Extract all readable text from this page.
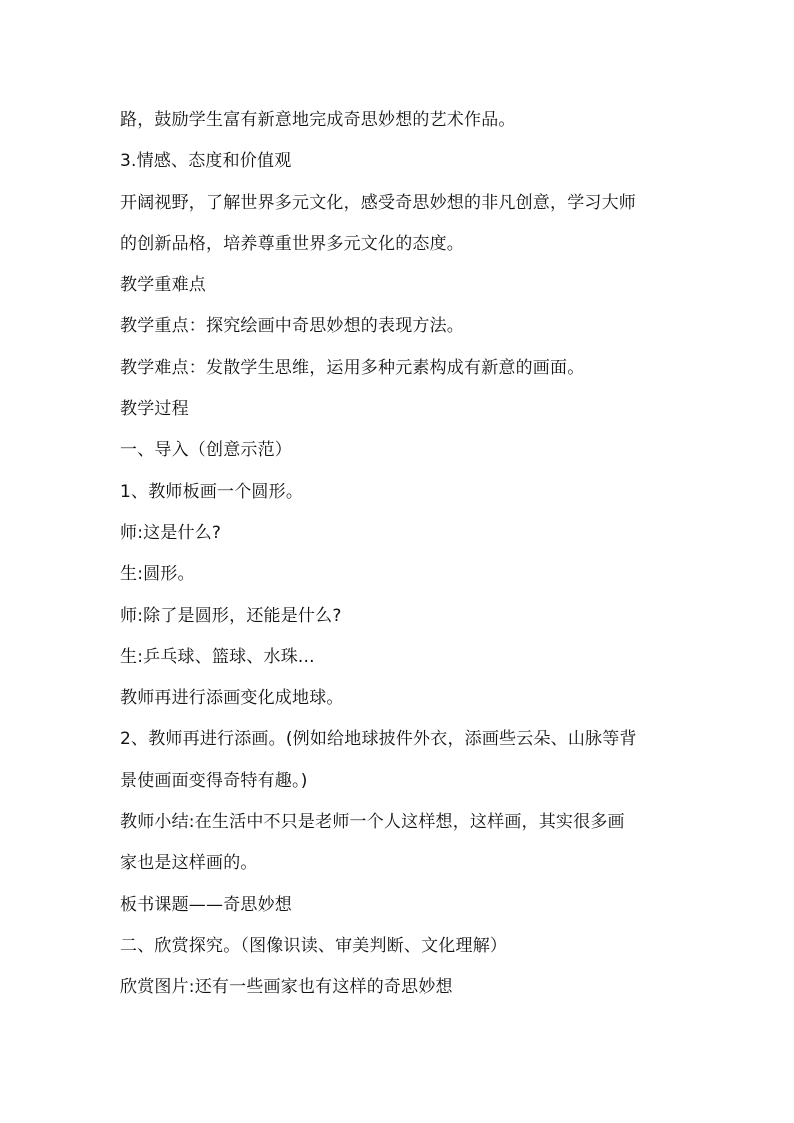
路，鼓励学生富有新意地完成奇思妙想的艺术作品。
3.情感、态度和价值观
开阔视野，了解世界多元文化，感受奇思妙想的非凡创意，学习大师
的创新品格，培养尊重世界多元文化的态度。
教学重难点
教学重点：探究绘画中奇思妙想的表现方法。
教学难点：发散学生思维，运用多种元素构成有新意的画面。
教学过程
一、导入（创意示范）
1、教师板画一个圆形。
师:这是什么?
生:圆形。
师:除了是圆形，还能是什么?
生:乒乓球、篮球、水珠...
教师再进行添画变化成地球。
2、教师再进行添画。(例如给地球披件外衣，添画些云朵、山脉等背
景使画面变得奇特有趣。)
教师小结:在生活中不只是老师一个人这样想，这样画，其实很多画
家也是这样画的。
板书课题——奇思妙想
二、欣赏探究。（图像识读、审美判断、文化理解）
欣赏图片:还有一些画家也有这样的奇思妙想
